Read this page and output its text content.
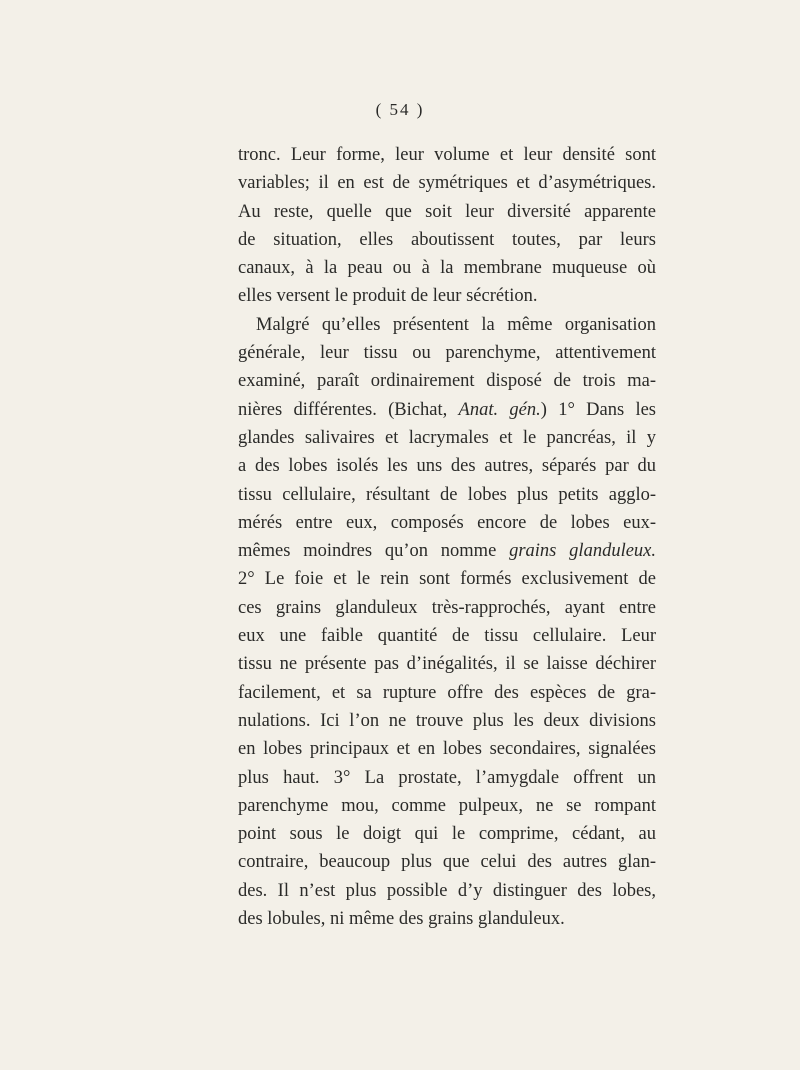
( 54 )
tronc. Leur forme, leur volume et leur densité sont
variables; il en est de symétriques et d’asymétriques.
Au reste, quelle que soit leur diversité apparente
de situation, elles aboutissent toutes, par leurs
canaux, à la peau ou à la membrane muqueuse où
elles versent le produit de leur sécrétion.
Malgré qu’elles présentent la même organisation
générale, leur tissu ou parenchyme, attentivement
examiné, paraît ordinairement disposé de trois ma-
nières différentes. (Bichat, Anat. gén.) 1° Dans les
glandes salivaires et lacrymales et le pancréas, il y
a des lobes isolés les uns des autres, séparés par du
tissu cellulaire, résultant de lobes plus petits agglo-
mérés entre eux, composés encore de lobes eux-
mêmes moindres qu’on nomme grains glanduleux.
2° Le foie et le rein sont formés exclusivement de
ces grains glanduleux très-rapprochés, ayant entre
eux une faible quantité de tissu cellulaire. Leur
tissu ne présente pas d’inégalités, il se laisse déchirer
facilement, et sa rupture offre des espèces de gra-
nulations. Ici l’on ne trouve plus les deux divisions
en lobes principaux et en lobes secondaires, signalées
plus haut. 3° La prostate, l’amygdale offrent un
parenchyme mou, comme pulpeux, ne se rompant
point sous le doigt qui le comprime, cédant, au
contraire, beaucoup plus que celui des autres glan-
des. Il n’est plus possible d’y distinguer des lobes,
des lobules, ni même des grains glanduleux.
